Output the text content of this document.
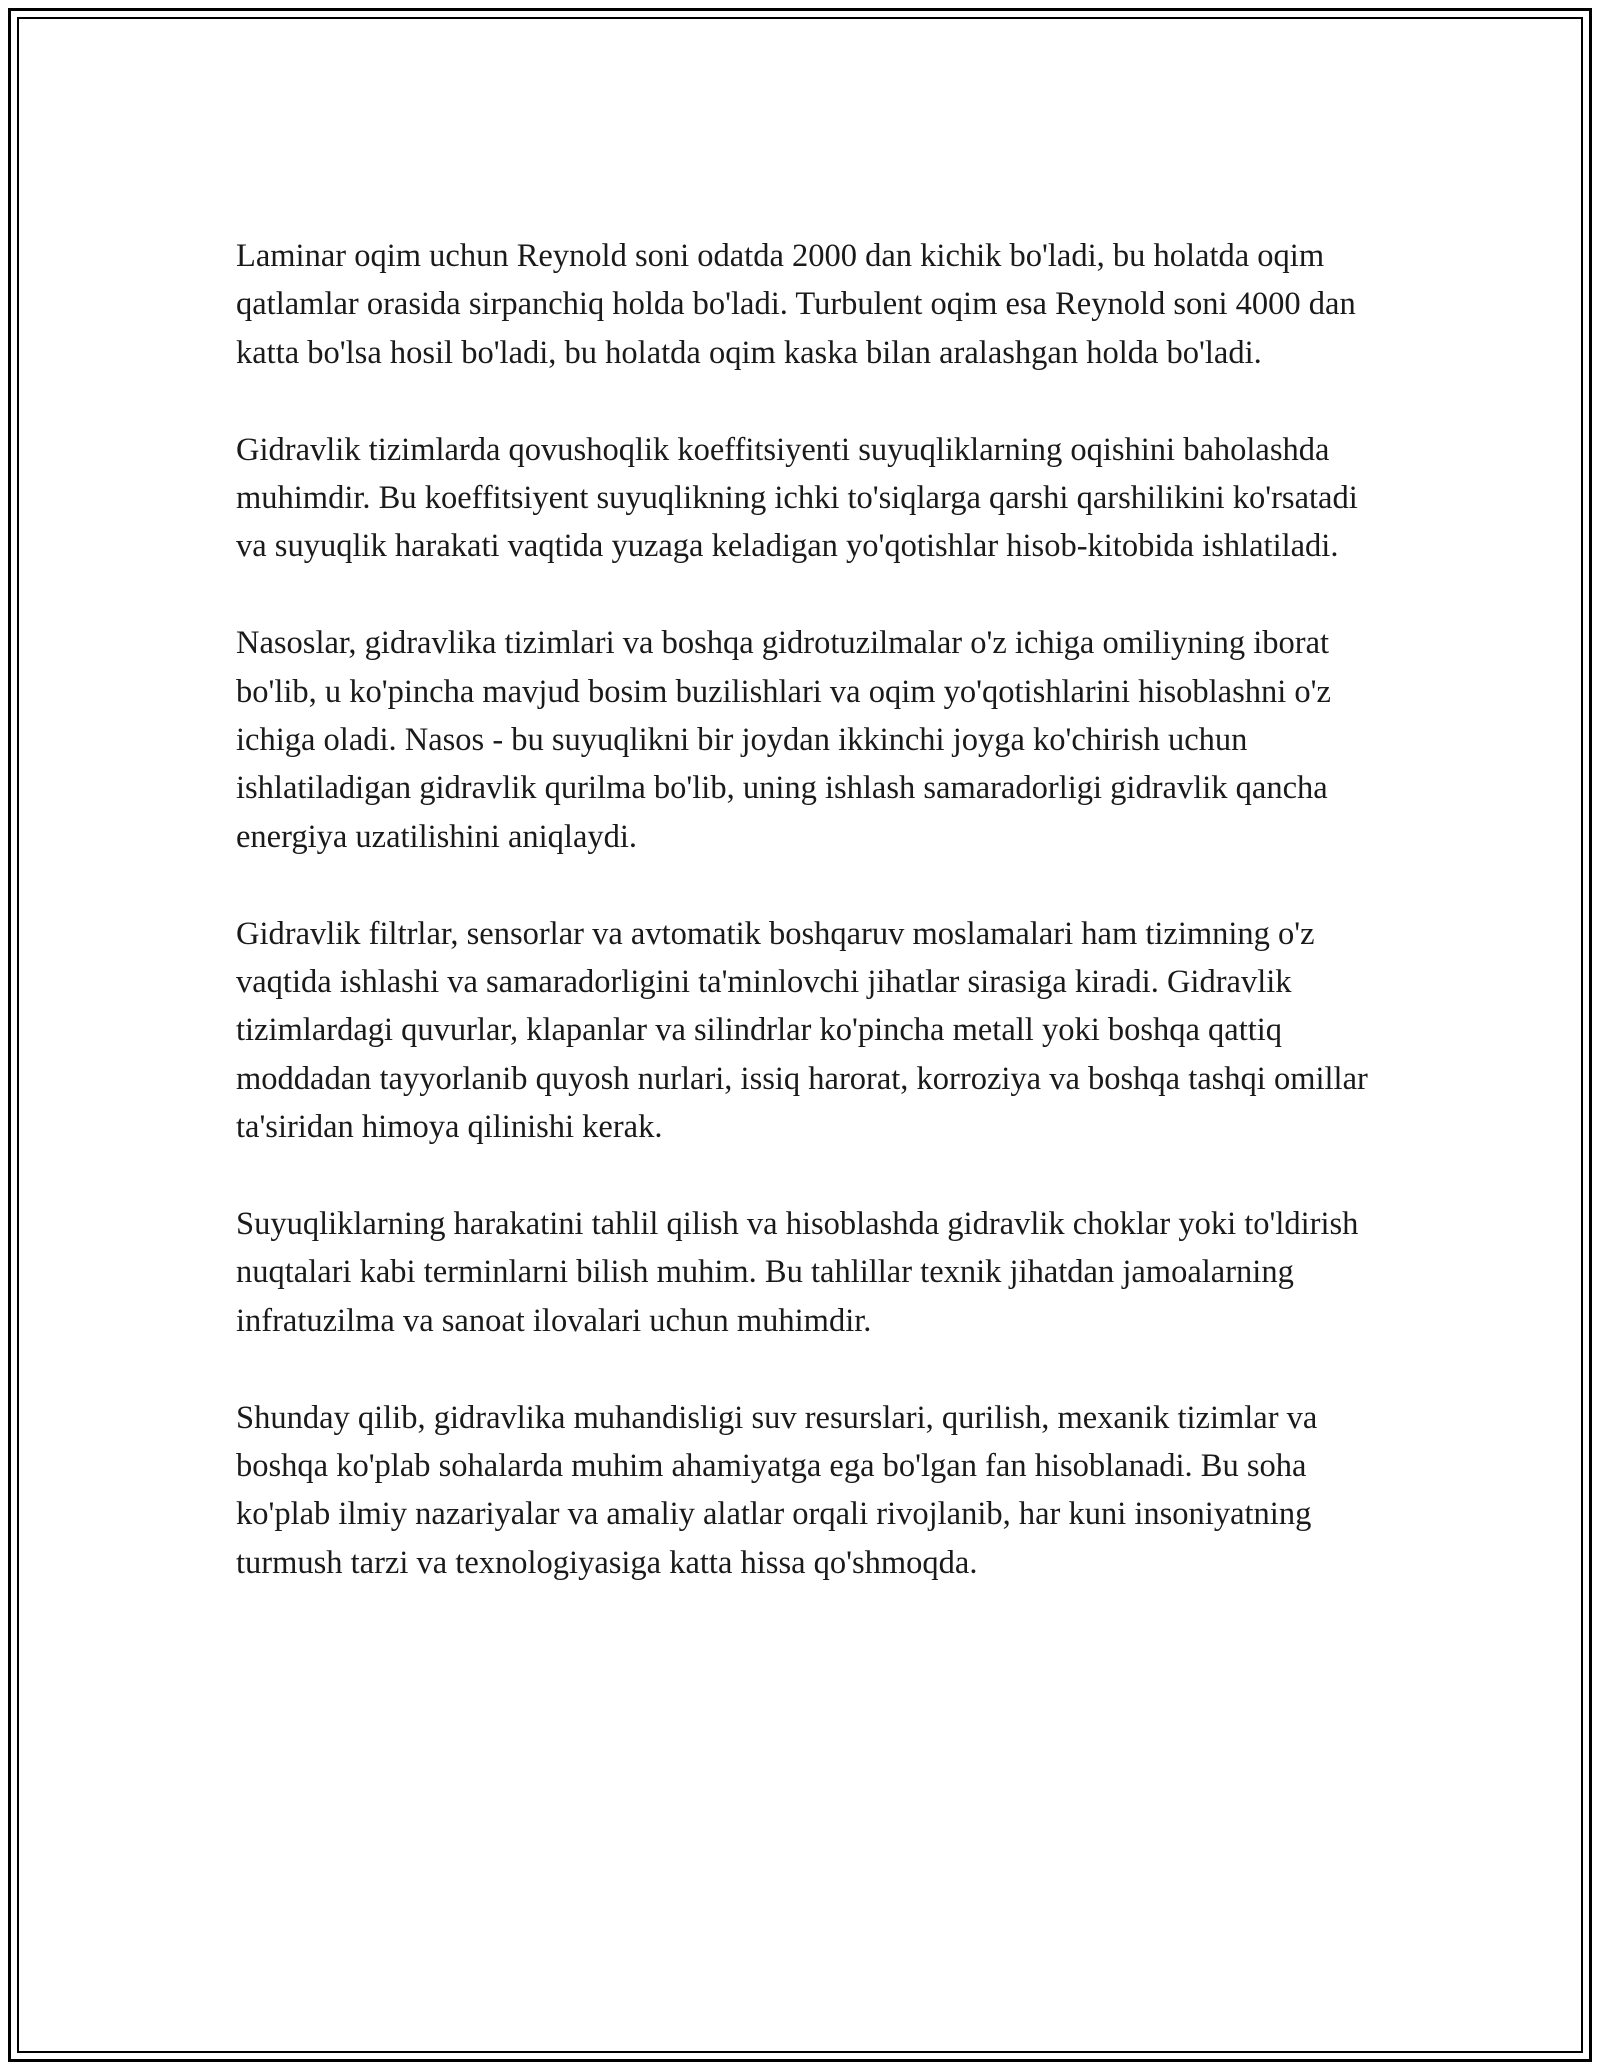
Laminar oqim uchun Reynold soni odatda 2000 dan kichik bo'ladi, bu holatda oqim qatlamlar orasida sirpanchiq holda bo'ladi. Turbulent oqim esa Reynold soni 4000 dan katta bo'lsa hosil bo'ladi, bu holatda oqim kaska bilan aralashgan holda bo'ladi.

Gidravlik tizimlarda qovushoqlik koeffitsiyenti suyuqliklarning oqishini baholashda muhimdir. Bu koeffitsiyent suyuqlikning ichki to'siqlarga qarshi qarshilikini ko'rsatadi va suyuqlik harakati vaqtida yuzaga keladigan yo'qotishlar hisob-kitobida ishlatiladi.

Nasoslar, gidravlika tizimlari va boshqa gidrotuzilmalar o'z ichiga omiliyning iborat bo'lib, u ko'pincha mavjud bosim buzilishlari va oqim yo'qotishlarini hisoblashni o'z ichiga oladi. Nasos - bu suyuqlikni bir joydan ikkinchi joyga ko'chirish uchun ishlatiladigan gidravlik qurilma bo'lib, uning ishlash samaradorligi gidravlik qancha energiya uzatilishini aniqlaydi.

Gidravlik filtrlar, sensorlar va avtomatik boshqaruv moslamalari ham tizimning o'z vaqtida ishlashi va samaradorligini ta'minlovchi jihatlar sirasiga kiradi. Gidravlik tizimlardagi quvurlar, klapanlar va silindrlar ko'pincha metall yoki boshqa qattiq moddadan tayyorlanib quyosh nurlari, issiq harorat, korroziya va boshqa tashqi omillar ta'siridan himoya qilinishi kerak.

Suyuqliklarning harakatini tahlil qilish va hisoblashda gidravlik choklar yoki to'ldirish nuqtalari kabi terminlarni bilish muhim. Bu tahlillar texnik jihatdan jamoalarning infratuzilma va sanoat ilovalari uchun muhimdir.

Shunday qilib, gidravlika muhandisligi suv resurslari, qurilish, mexanik tizimlar va boshqa ko'plab sohalarda muhim ahamiyatga ega bo'lgan fan hisoblanadi. Bu soha ko'plab ilmiy nazariyalar va amaliy alatlar orqali rivojlanib, har kuni insoniyatning turmush tarzi va texnologiyasiga katta hissa qo'shmoqda.
